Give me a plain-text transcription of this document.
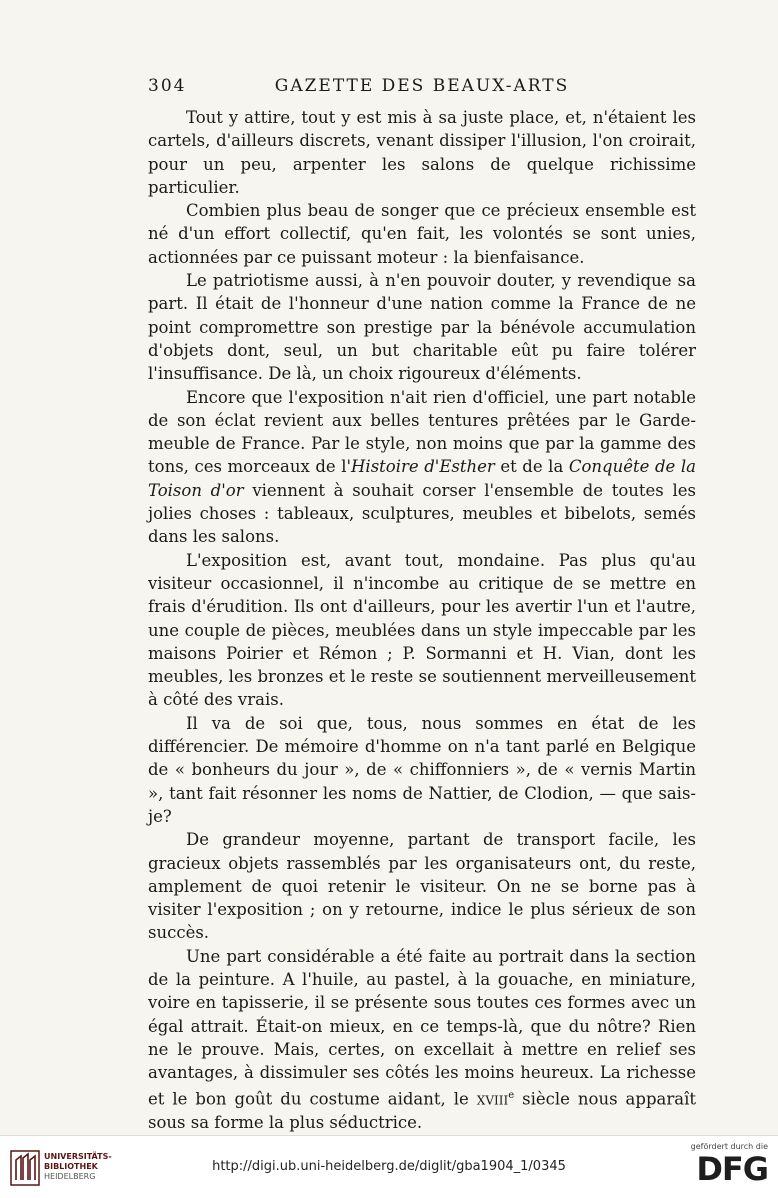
304	GAZETTE DES BEAUX-ARTS

Tout y attire, tout y est mis à sa juste place, et, n'étaient les cartels, d'ailleurs discrets, venant dissiper l'illusion, l'on croirait, pour un peu, arpenter les salons de quelque richissime particulier.

Combien plus beau de songer que ce précieux ensemble est né d'un effort collectif, qu'en fait, les volontés se sont unies, actionnées par ce puissant moteur : la bienfaisance.

Le patriotisme aussi, à n'en pouvoir douter, y revendique sa part. Il était de l'honneur d'une nation comme la France de ne point compromettre son prestige par la bénévole accumulation d'objets dont, seul, un but charitable eût pu faire tolérer l'insuffisance. De là, un choix rigoureux d'éléments.

Encore que l'exposition n'ait rien d'officiel, une part notable de son éclat revient aux belles tentures prêtées par le Garde-meuble de France. Par le style, non moins que par la gamme des tons, ces morceaux de l'Histoire d'Esther et de la Conquête de la Toison d'or viennent à souhait corser l'ensemble de toutes les jolies choses : tableaux, sculptures, meubles et bibelots, semés dans les salons.

L'exposition est, avant tout, mondaine. Pas plus qu'au visiteur occasionnel, il n'incombe au critique de se mettre en frais d'érudition. Ils ont d'ailleurs, pour les avertir l'un et l'autre, une couple de pièces, meublées dans un style impeccable par les maisons Poirier et Rémon ; P. Sormanni et H. Vian, dont les meubles, les bronzes et le reste se soutiennent merveilleusement à côté des vrais.

Il va de soi que, tous, nous sommes en état de les différencier. De mémoire d'homme on n'a tant parlé en Belgique de « bonheurs du jour », de « chiffonniers », de « vernis Martin », tant fait résonner les noms de Nattier, de Clodion, — que sais-je?

De grandeur moyenne, partant de transport facile, les gracieux objets rassemblés par les organisateurs ont, du reste, amplement de quoi retenir le visiteur. On ne se borne pas à visiter l'exposition ; on y retourne, indice le plus sérieux de son succès.

Une part considérable a été faite au portrait dans la section de la peinture. A l'huile, au pastel, à la gouache, en miniature, voire en tapisserie, il se présente sous toutes ces formes avec un égal attrait. Était-on mieux, en ce temps-là, que du nôtre? Rien ne le prouve. Mais, certes, on excellait à mettre en relief ses avantages, à dissimuler ses côtés les moins heureux. La richesse et le bon goût du costume aidant, le xviii$^e$ siècle nous apparaît sous sa forme la plus séductrice.

UNIVERSITÄTS-
BIBLIOTHEK
HEIDELBERG
http://digi.ub.uni-heidelberg.de/diglit/gba1904_1/0345
gefördert durch die
DFG
